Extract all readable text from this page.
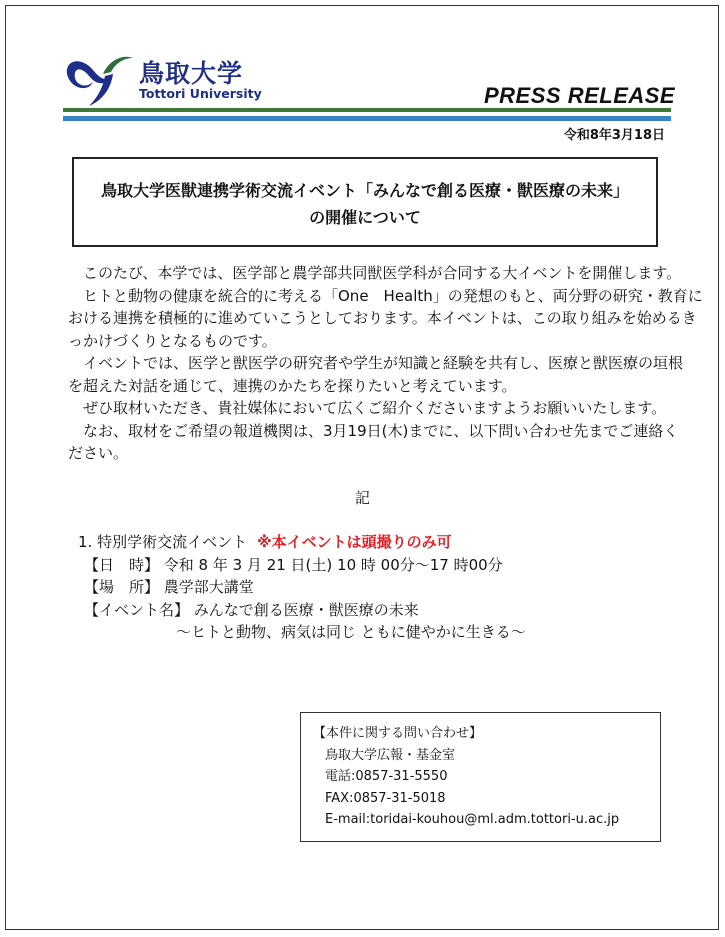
鳥取大学
Tottori University	PRESS RELEASE
令和8年3月18日
鳥取大学医獣連携学術交流イベント「みんなで創る医療・獣医療の未来」
の開催について
　このたび、本学では、医学部と農学部共同獣医学科が合同する大イベントを開催します。
　ヒトと動物の健康を統合的に考える「One　Health」の発想のもと、両分野の研究・教育に
おける連携を積極的に進めていこうとしております。本イベントは、この取り組みを始めるき
っかけづくりとなるものです。
　イベントでは、医学と獣医学の研究者や学生が知識と経験を共有し、医療と獣医療の垣根
を超えた対話を通じて、連携のかたちを探りたいと考えています。
　ぜひ取材いただき、貴社媒体において広くご紹介くださいますようお願いいたします。
　なお、取材をご希望の報道機関は、3月19日(木)までに、以下問い合わせ先までご連絡く
ださい。
記
1. 特別学術交流イベント ※本イベントは頭撮りのみ可
【日　時】 令和 8 年 3 月 21 日(土) 10 時 00分～17 時00分
【場　所】 農学部大講堂
【イベント名】 みんなで創る医療・獣医療の未来
～ヒトと動物、病気は同じ ともに健やかに生きる～
【本件に関する問い合わせ】
鳥取大学広報・基金室
電話:0857-31-5550
FAX:0857-31-5018
E-mail:toridai-kouhou@ml.adm.tottori-u.ac.jp
